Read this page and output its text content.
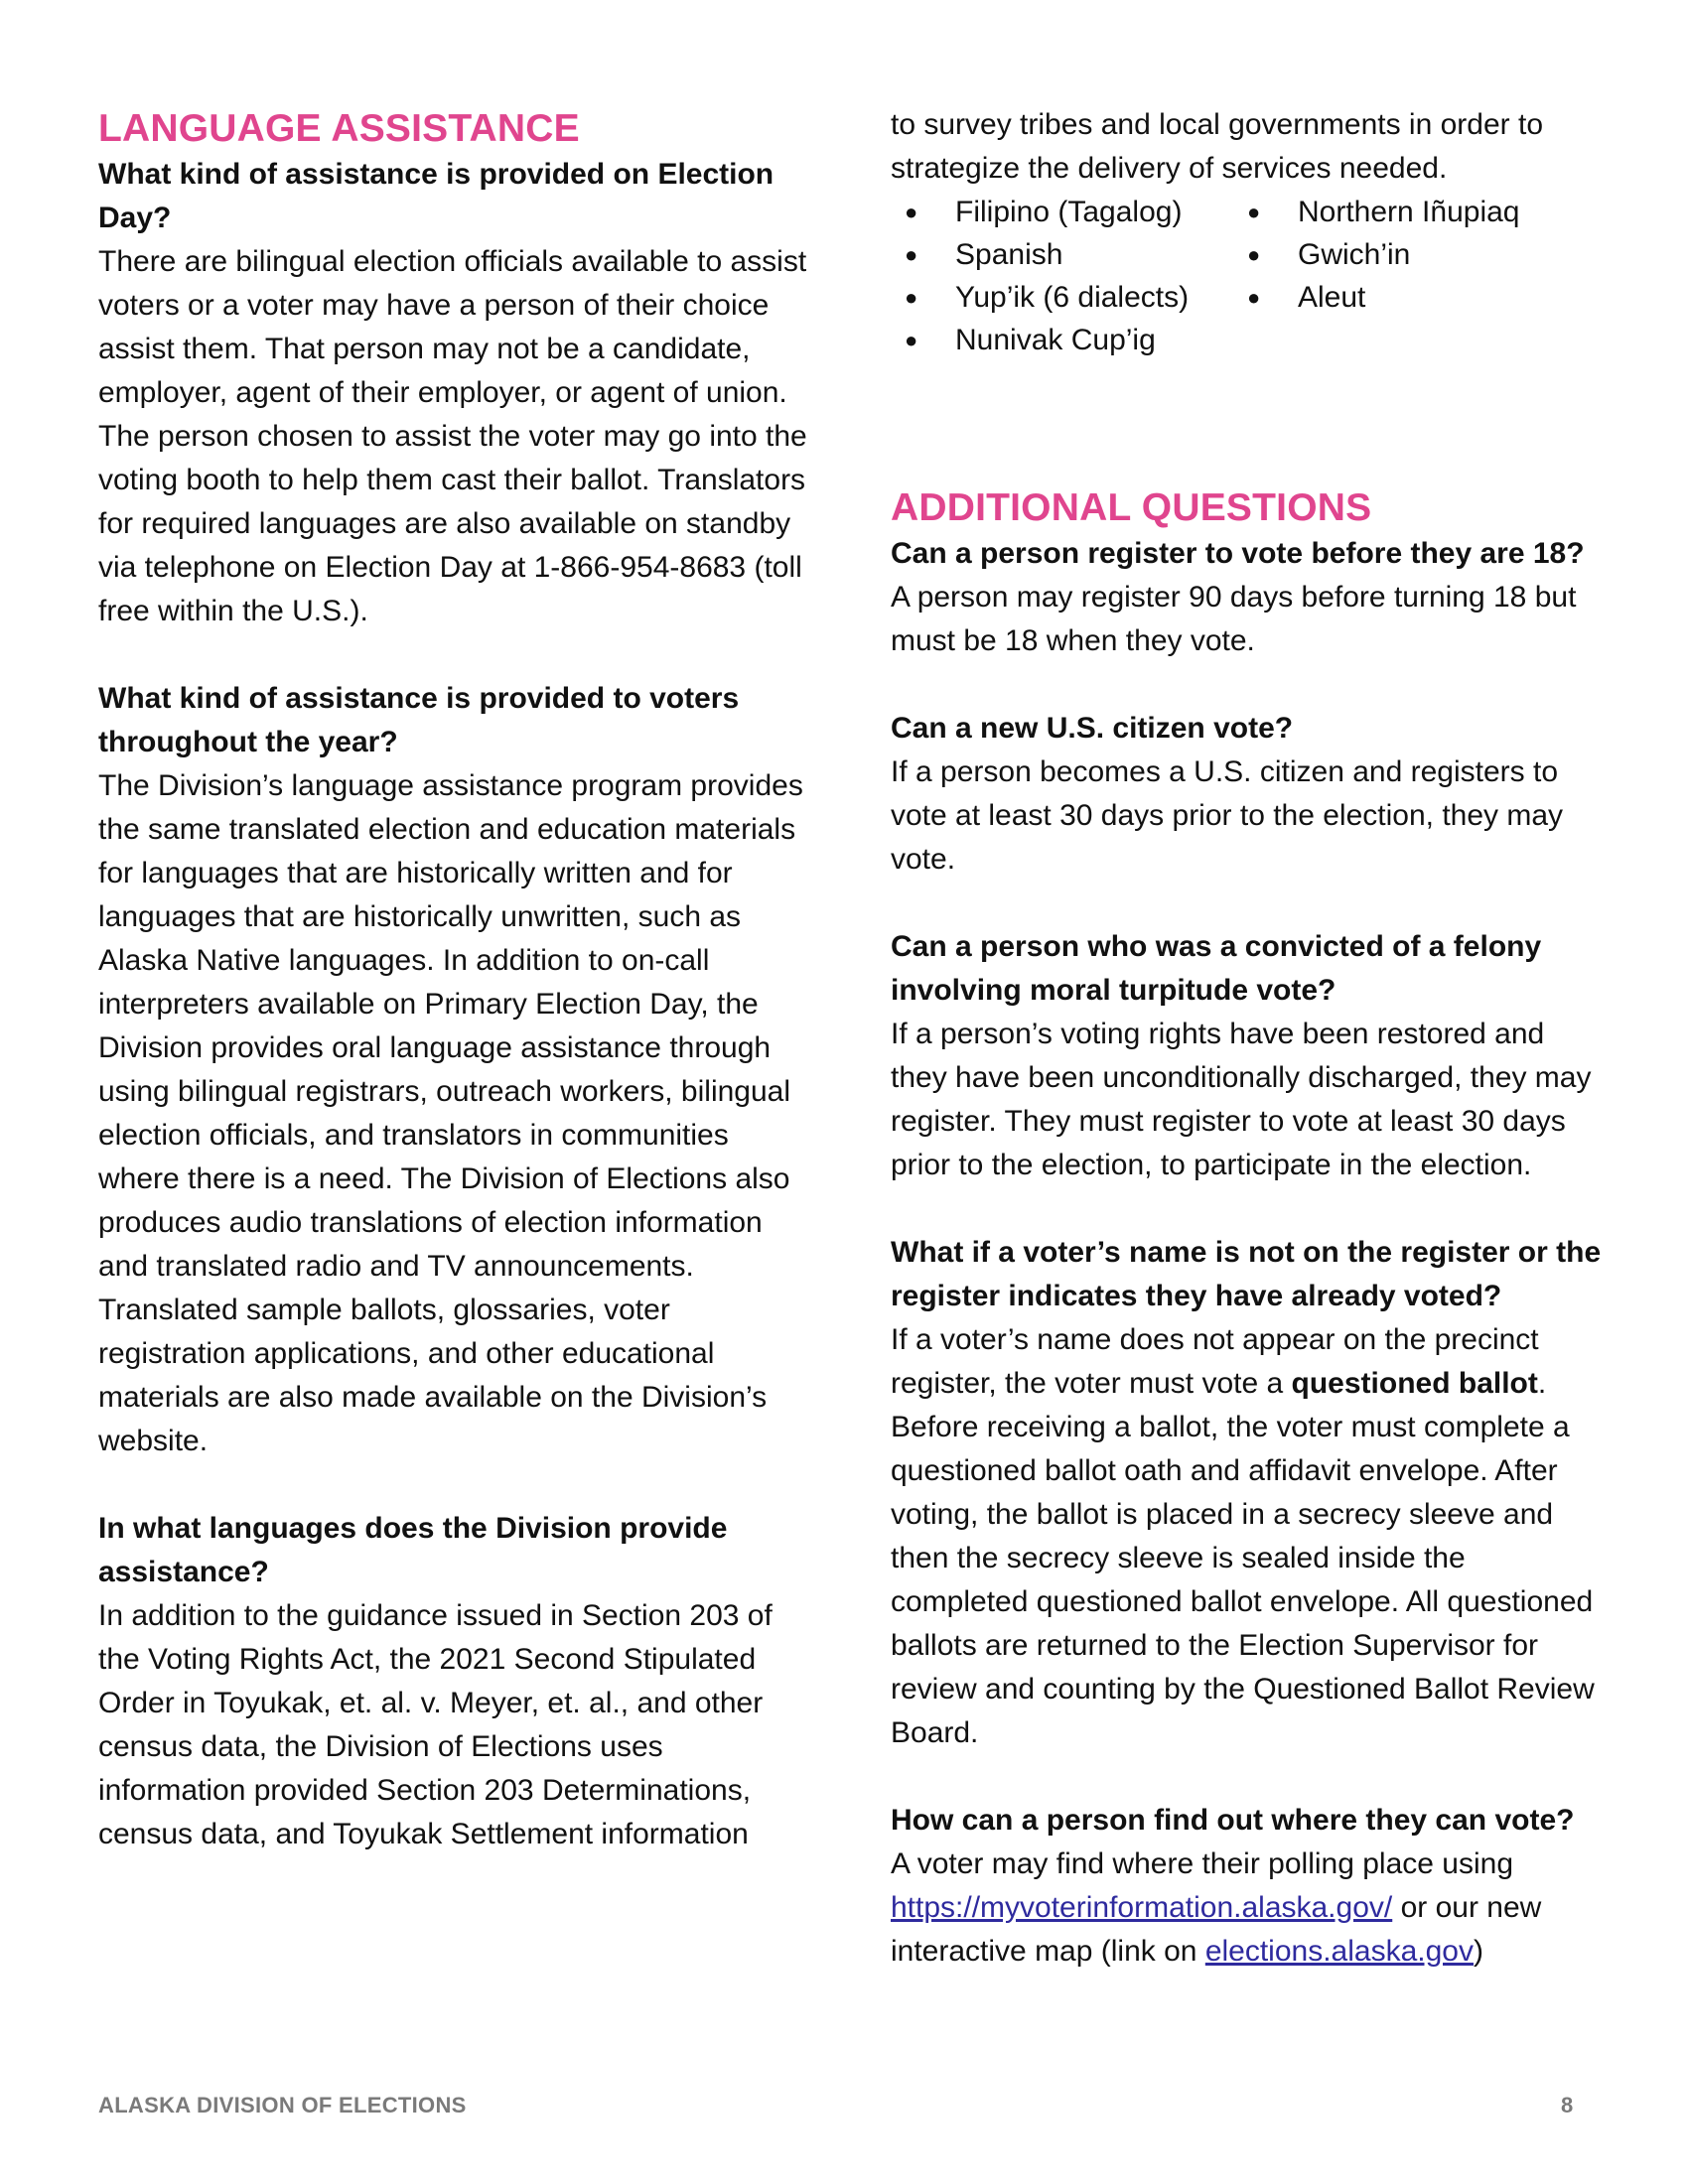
LANGUAGE ASSISTANCE

What kind of assistance is provided on Election Day?

There are bilingual election officials available to assist voters or a voter may have a person of their choice assist them. That person may not be a candidate, employer, agent of their employer, or agent of union. The person chosen to assist the voter may go into the voting booth to help them cast their ballot. Translators for required languages are also available on standby via telephone on Election Day at 1-866-954-8683 (toll free within the U.S.).

What kind of assistance is provided to voters throughout the year?

The Division’s language assistance program provides the same translated election and education materials for languages that are historically written and for languages that are historically unwritten, such as Alaska Native languages. In addition to on-call interpreters available on Primary Election Day, the Division provides oral language assistance through using bilingual registrars, outreach workers, bilingual election officials, and translators in communities where there is a need. The Division of Elections also produces audio translations of election information and translated radio and TV announcements. Translated sample ballots, glossaries, voter registration applications, and other educational materials are also made available on the Division’s website.

In what languages does the Division provide assistance?

In addition to the guidance issued in Section 203 of the Voting Rights Act, the 2021 Second Stipulated Order in Toyukak, et. al. v. Meyer, et. al., and other census data, the Division of Elections uses information provided Section 203 Determinations, census data, and Toyukak Settlement information

to survey tribes and local governments in order to strategize the delivery of services needed.

● Filipino (Tagalog)	● Northern Iñupiaq
● Spanish	● Gwich’in
● Yup’ik (6 dialects)	● Aleut
● Nunivak Cup’ig
ADDITIONAL QUESTIONS

Can a person register to vote before they are 18?

A person may register 90 days before turning 18 but must be 18 when they vote.

Can a new U.S. citizen vote?

If a person becomes a U.S. citizen and registers to vote at least 30 days prior to the election, they may vote.

Can a person who was a convicted of a felony involving moral turpitude vote?

If a person’s voting rights have been restored and they have been unconditionally discharged, they may register. They must register to vote at least 30 days prior to the election, to participate in the election.

What if a voter’s name is not on the register or the register indicates they have already voted?

If a voter’s name does not appear on the precinct register, the voter must vote a questioned ballot. Before receiving a ballot, the voter must complete a questioned ballot oath and affidavit envelope. After voting, the ballot is placed in a secrecy sleeve and then the secrecy sleeve is sealed inside the completed questioned ballot envelope. All questioned ballots are returned to the Election Supervisor for review and counting by the Questioned Ballot Review Board.

How can a person find out where they can vote?

A voter may find where their polling place using https://myvoterinformation.alaska.gov/ or our new interactive map (link on elections.alaska.gov)

ALASKA DIVISION OF ELECTIONS	8
